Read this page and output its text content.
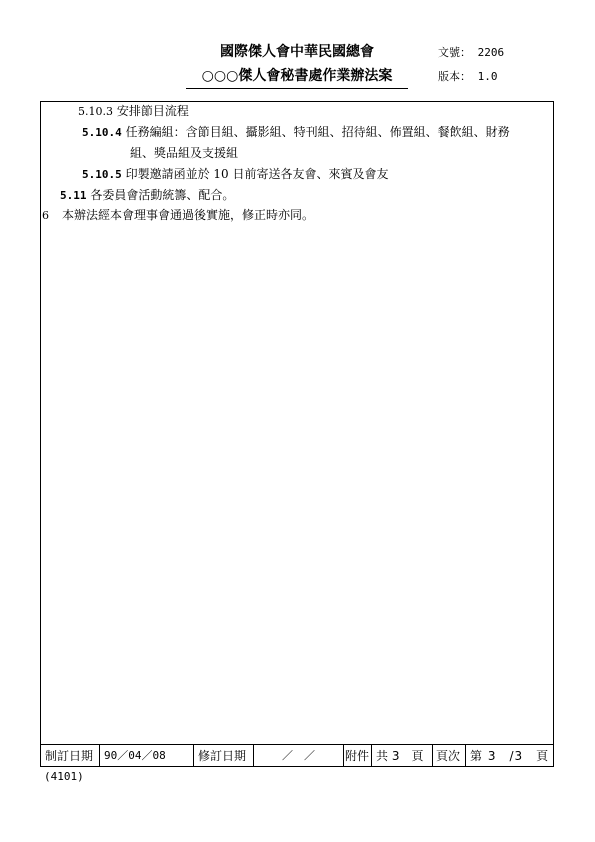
國際傑人會中華民國總會
○○○傑人會秘書處作業辦法案
文號： 2206
版本： 1.0
5.10.3 安排節目流程
5.10.4 任務編組：含節目組、攝影組、特刊組、招待組、佈置組、餐飲組、財務
組、獎品組及支援組
5.10.5 印製邀請函並於 10 日前寄送各友會、來賓及會友
5.11 各委員會活動統籌、配合。
6 本辦法經本會理事會通過後實施，修正時亦同。
制訂日期 90／04／08	修訂日期	／　／	附件 共 3　頁	頁次 第 3　/3　頁
(4101)
